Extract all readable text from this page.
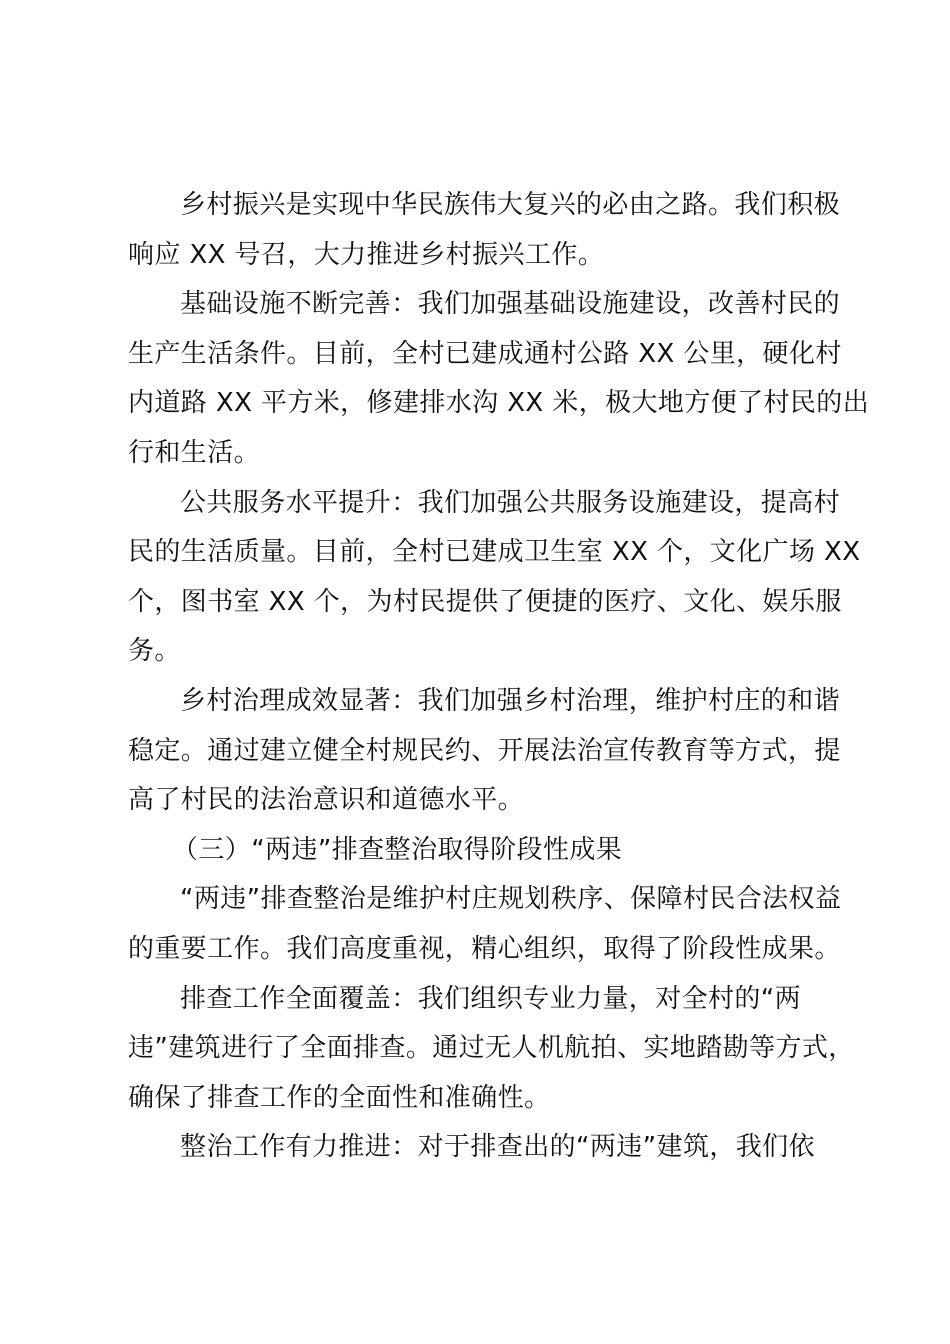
乡村振兴是实现中华民族伟大复兴的必由之路。我们积极
响应 XX 号召，大力推进乡村振兴工作。

基础设施不断完善：我们加强基础设施建设，改善村民的
生产生活条件。目前，全村已建成通村公路 XX 公里，硬化村
内道路 XX 平方米，修建排水沟 XX 米，极大地方便了村民的出
行和生活。

公共服务水平提升：我们加强公共服务设施建设，提高村
民的生活质量。目前，全村已建成卫生室 XX 个，文化广场 XX
个，图书室 XX 个，为村民提供了便捷的医疗、文化、娱乐服
务。

乡村治理成效显著：我们加强乡村治理，维护村庄的和谐
稳定。通过建立健全村规民约、开展法治宣传教育等方式，提
高了村民的法治意识和道德水平。

（三）“两违”排查整治取得阶段性成果

“两违”排查整治是维护村庄规划秩序、保障村民合法权益
的重要工作。我们高度重视，精心组织，取得了阶段性成果。

排查工作全面覆盖：我们组织专业力量，对全村的“两
违”建筑进行了全面排查。通过无人机航拍、实地踏勘等方式，
确保了排查工作的全面性和准确性。

整治工作有力推进：对于排查出的“两违”建筑，我们依
